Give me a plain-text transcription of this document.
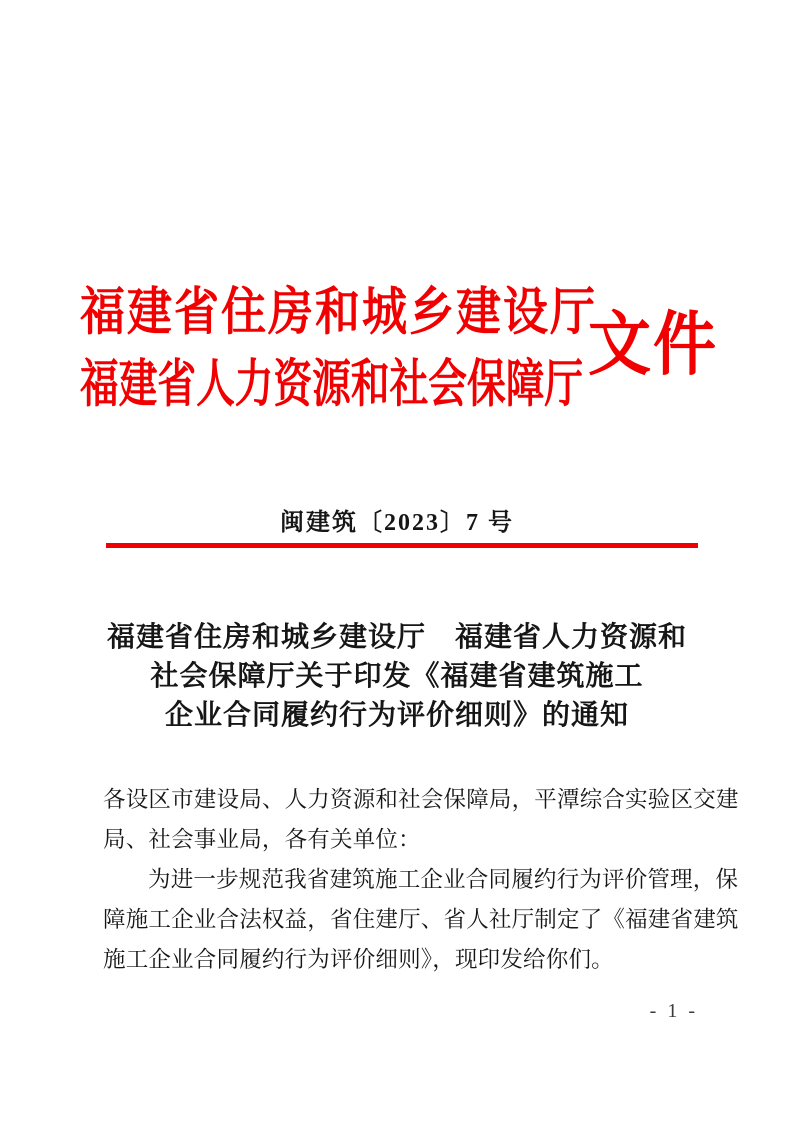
福建省住房和城乡建设厅
福建省人力资源和社会保障厅
文件
闽建筑〔2023〕7 号
福建省住房和城乡建设厅　福建省人力资源和
社会保障厅关于印发《福建省建筑施工
企业合同履约行为评价细则》的通知
各设区市建设局、人力资源和社会保障局，平潭综合实验区交建
局、社会事业局，各有关单位：
为进一步规范我省建筑施工企业合同履约行为评价管理，保
障施工企业合法权益，省住建厅、省人社厅制定了《福建省建筑
施工企业合同履约行为评价细则》，现印发给你们。
- 1 -
